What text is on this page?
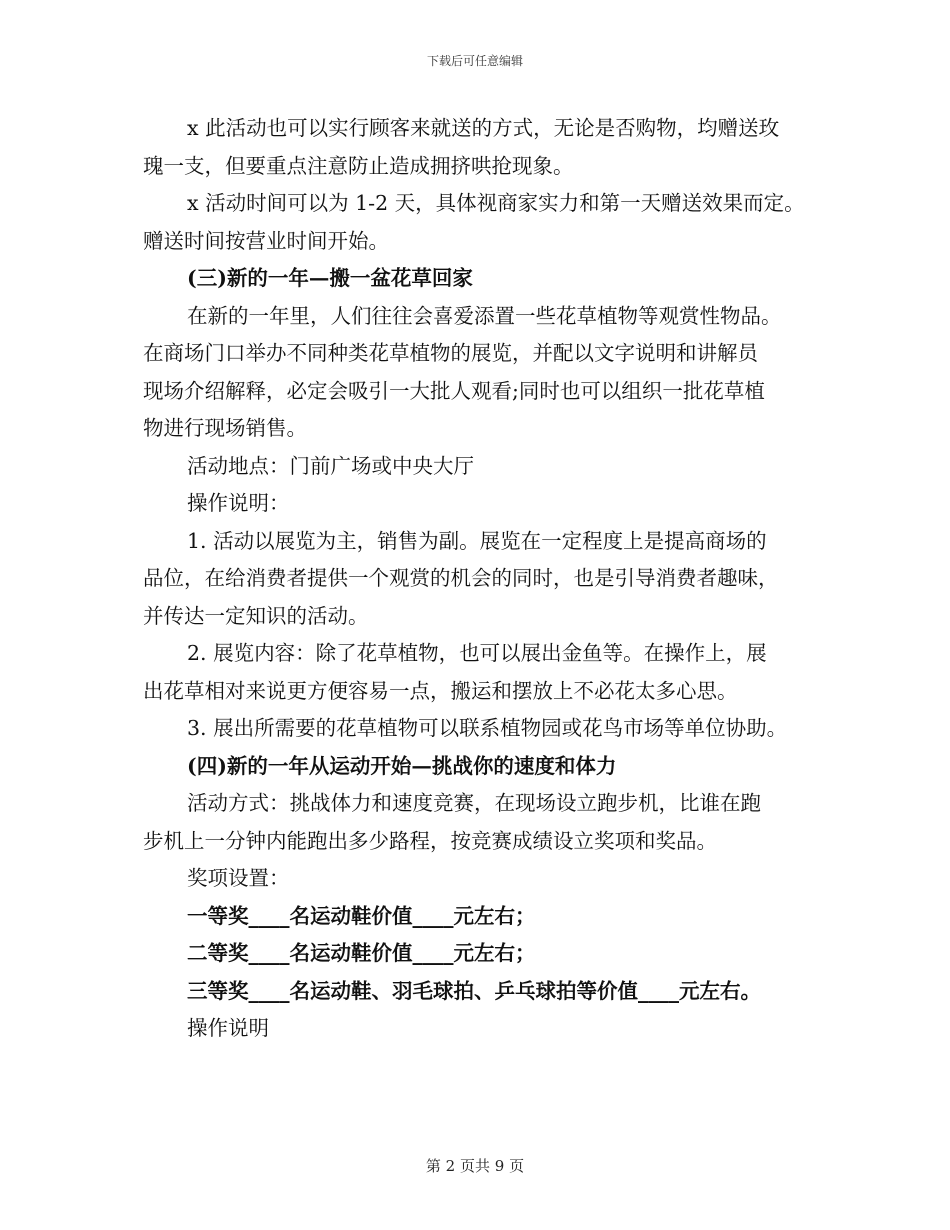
下载后可任意编辑

x 此活动也可以实行顾客来就送的方式，无论是否购物，均赠送玫

瑰一支，但要重点注意防止造成拥挤哄抢现象。

x 活动时间可以为 1-2 天，具体视商家实力和第一天赠送效果而定。

赠送时间按营业时间开始。

(三)新的一年—搬一盆花草回家

在新的一年里，人们往往会喜爱添置一些花草植物等观赏性物品。

在商场门口举办不同种类花草植物的展览，并配以文字说明和讲解员

现场介绍解释，必定会吸引一大批人观看;同时也可以组织一批花草植

物进行现场销售。

活动地点：门前广场或中央大厅

操作说明：

1. 活动以展览为主，销售为副。展览在一定程度上是提高商场的

品位，在给消费者提供一个观赏的机会的同时，也是引导消费者趣味，

并传达一定知识的活动。

2. 展览内容：除了花草植物，也可以展出金鱼等。在操作上，展

出花草相对来说更方便容易一点，搬运和摆放上不必花太多心思。

3. 展出所需要的花草植物可以联系植物园或花鸟市场等单位协助。

(四)新的一年从运动开始—挑战你的速度和体力

活动方式：挑战体力和速度竞赛，在现场设立跑步机，比谁在跑

步机上一分钟内能跑出多少路程，按竞赛成绩设立奖项和奖品。

奖项设置：

一等奖____名运动鞋价值____元左右；

二等奖____名运动鞋价值____元左右；

三等奖____名运动鞋、羽毛球拍、乒乓球拍等价值____元左右。

操作说明

第 2 页共 9 页
